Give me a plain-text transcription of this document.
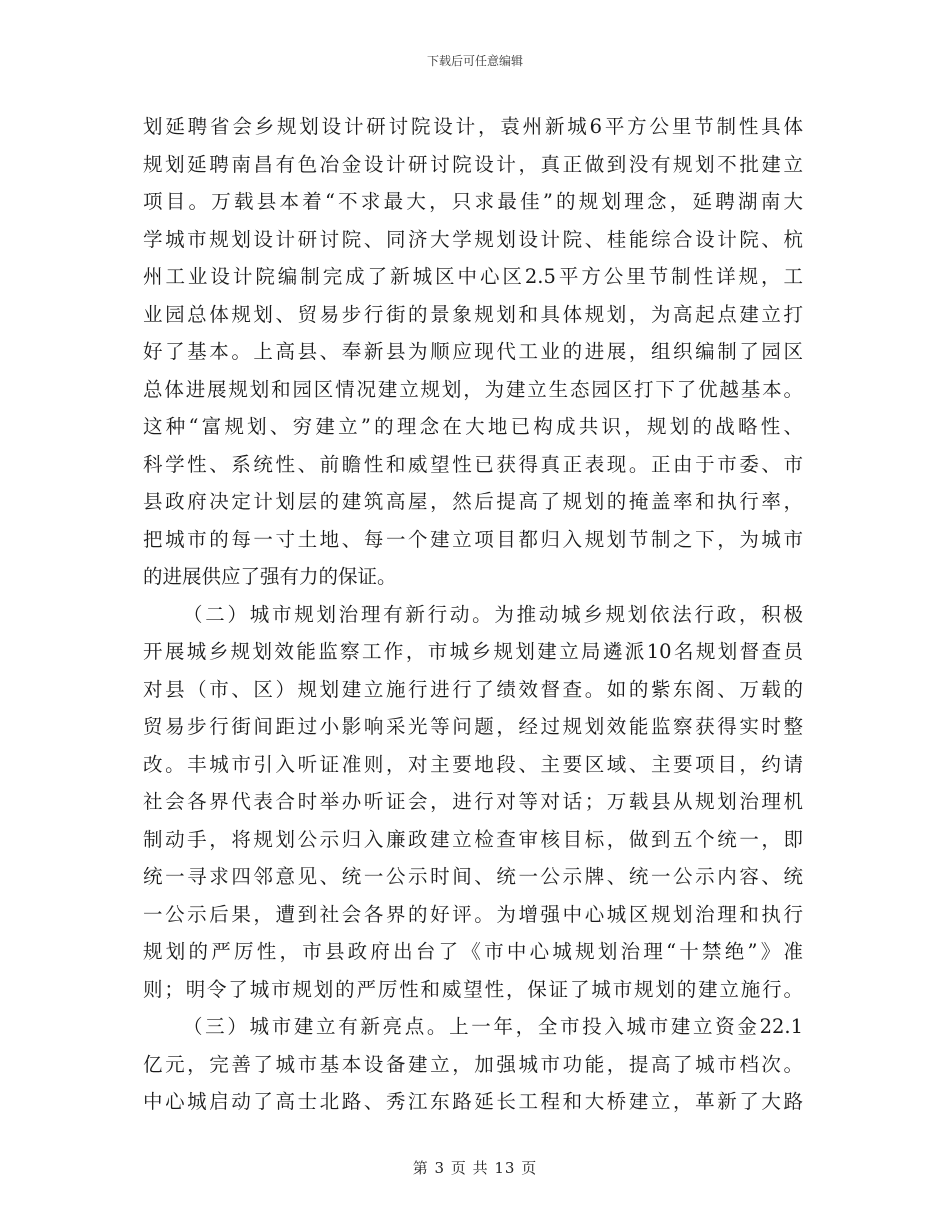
下载后可任意编辑
划延聘省会乡规划设计研讨院设计，袁州新城6平方公里节制性具体
规划延聘南昌有色冶金设计研讨院设计，真正做到没有规划不批建立
项目。万载县本着“不求最大，只求最佳”的规划理念，延聘湖南大
学城市规划设计研讨院、同济大学规划设计院、桂能综合设计院、杭
州工业设计院编制完成了新城区中心区2.5平方公里节制性详规，工
业园总体规划、贸易步行街的景象规划和具体规划，为高起点建立打
好了基本。上高县、奉新县为顺应现代工业的进展，组织编制了园区
总体进展规划和园区情况建立规划，为建立生态园区打下了优越基本。
这种“富规划、穷建立”的理念在大地已构成共识，规划的战略性、
科学性、系统性、前瞻性和威望性已获得真正表现。正由于市委、市
县政府决定计划层的建筑高屋，然后提高了规划的掩盖率和执行率，
把城市的每一寸土地、每一个建立项目都归入规划节制之下，为城市
的进展供应了强有力的保证。
（二）城市规划治理有新行动。为推动城乡规划依法行政，积极
开展城乡规划效能监察工作，市城乡规划建立局遴派10名规划督查员
对县（市、区）规划建立施行进行了绩效督查。如的紫东阁、万载的
贸易步行街间距过小影响采光等问题，经过规划效能监察获得实时整
改。丰城市引入听证准则，对主要地段、主要区域、主要项目，约请
社会各界代表合时举办听证会，进行对等对话；万载县从规划治理机
制动手，将规划公示归入廉政建立检查审核目标，做到五个统一，即
统一寻求四邻意见、统一公示时间、统一公示牌、统一公示内容、统
一公示后果，遭到社会各界的好评。为增强中心城区规划治理和执行
规划的严厉性，市县政府出台了《市中心城规划治理“十禁绝”》准
则；明令了城市规划的严厉性和威望性，保证了城市规划的建立施行。
（三）城市建立有新亮点。上一年，全市投入城市建立资金22.1
亿元，完善了城市基本设备建立，加强城市功能，提高了城市档次。
中心城启动了高士北路、秀江东路延长工程和大桥建立，革新了大路
第 3 页 共 13 页
